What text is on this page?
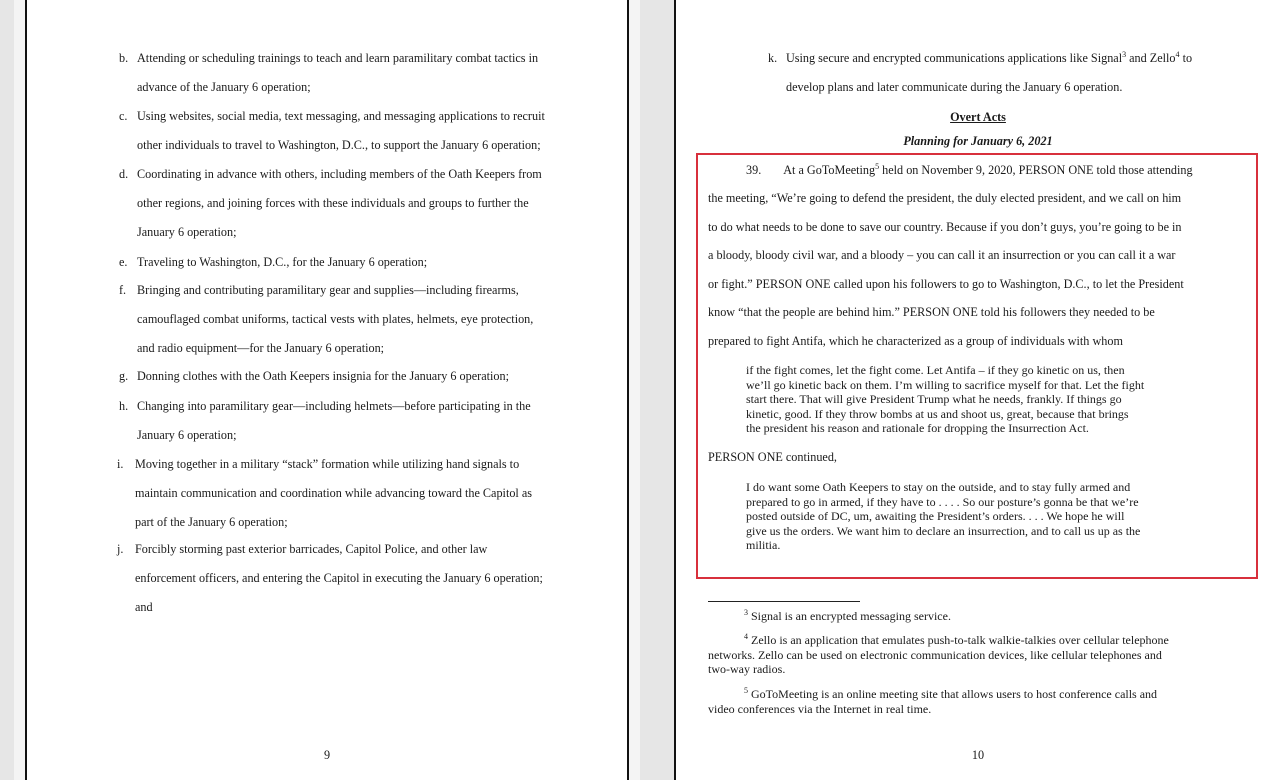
b. Attending or scheduling trainings to teach and learn paramilitary combat tactics in
advance of the January 6 operation;
c. Using websites, social media, text messaging, and messaging applications to recruit
other individuals to travel to Washington, D.C., to support the January 6 operation;
d. Coordinating in advance with others, including members of the Oath Keepers from
other regions, and joining forces with these individuals and groups to further the
January 6 operation;
e. Traveling to Washington, D.C., for the January 6 operation;
f. Bringing and contributing paramilitary gear and supplies—including firearms,
camouflaged combat uniforms, tactical vests with plates, helmets, eye protection,
and radio equipment—for the January 6 operation;
g. Donning clothes with the Oath Keepers insignia for the January 6 operation;
h. Changing into paramilitary gear—including helmets—before participating in the
January 6 operation;
i. Moving together in a military “stack” formation while utilizing hand signals to
maintain communication and coordination while advancing toward the Capitol as
part of the January 6 operation;
j. Forcibly storming past exterior barricades, Capitol Police, and other law
enforcement officers, and entering the Capitol in executing the January 6 operation;
and
9
k. Using secure and encrypted communications applications like Signal$^3$ and Zello$^4$ to
develop plans and later communicate during the January 6 operation.
Overt Acts
Planning for January 6, 2021
39. At a GoToMeeting$^5$ held on November 9, 2020, PERSON ONE told those attending
the meeting, “We’re going to defend the president, the duly elected president, and we call on him
to do what needs to be done to save our country. Because if you don’t guys, you’re going to be in
a bloody, bloody civil war, and a bloody – you can call it an insurrection or you can call it a war
or fight.” PERSON ONE called upon his followers to go to Washington, D.C., to let the President
know “that the people are behind him.” PERSON ONE told his followers they needed to be
prepared to fight Antifa, which he characterized as a group of individuals with whom
if the fight comes, let the fight come. Let Antifa – if they go kinetic on us, then
we’ll go kinetic back on them. I’m willing to sacrifice myself for that. Let the fight
start there. That will give President Trump what he needs, frankly. If things go
kinetic, good. If they throw bombs at us and shoot us, great, because that brings
the president his reason and rationale for dropping the Insurrection Act.
PERSON ONE continued,
I do want some Oath Keepers to stay on the outside, and to stay fully armed and
prepared to go in armed, if they have to . . . . So our posture’s gonna be that we’re
posted outside of DC, um, awaiting the President’s orders. . . . We hope he will
give us the orders. We want him to declare an insurrection, and to call us up as the
militia.
$^3$ Signal is an encrypted messaging service.
$^4$ Zello is an application that emulates push-to-talk walkie-talkies over cellular telephone
networks. Zello can be used on electronic communication devices, like cellular telephones and
two-way radios.
$^5$ GoToMeeting is an online meeting site that allows users to host conference calls and
video conferences via the Internet in real time.
10
